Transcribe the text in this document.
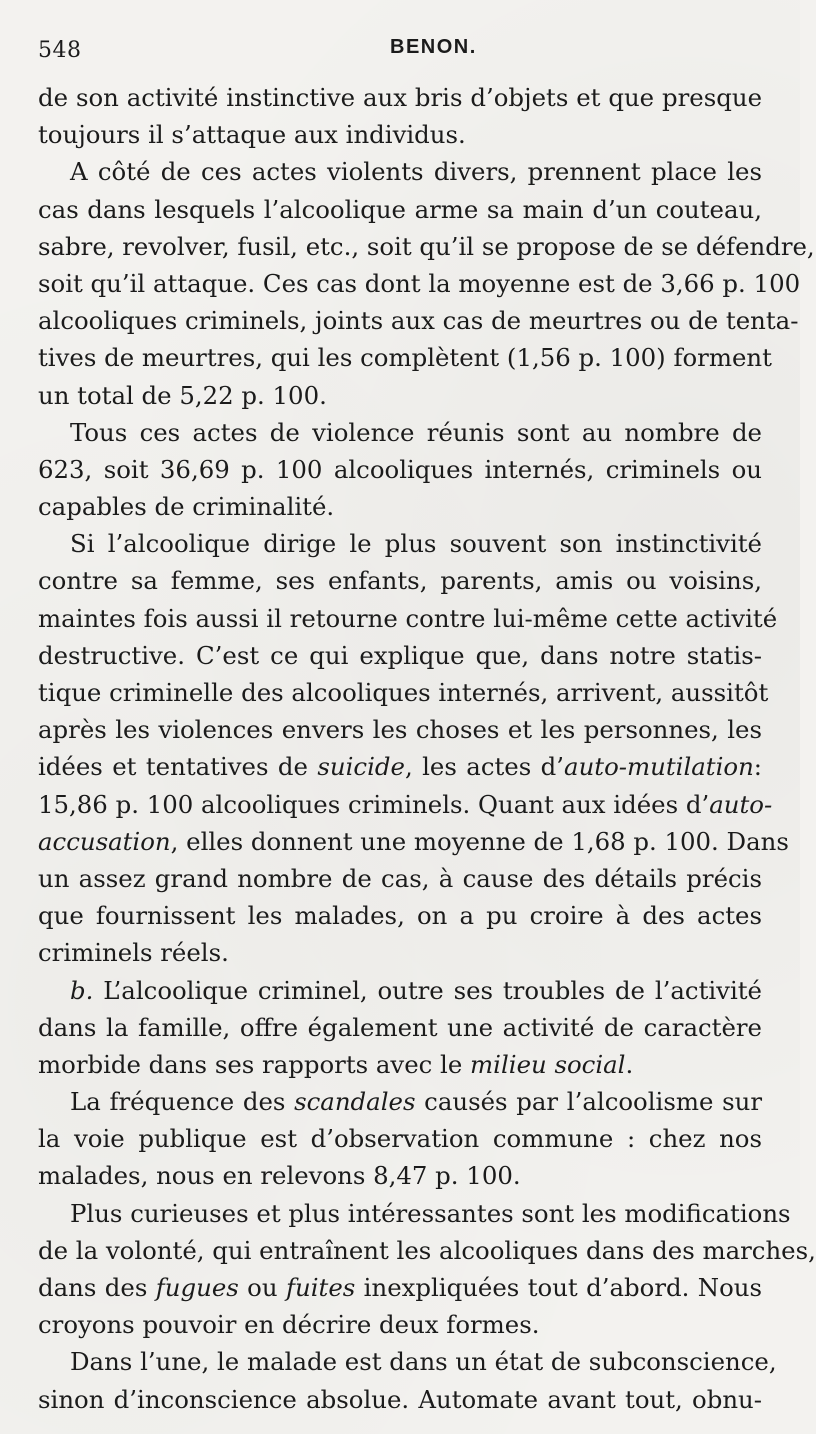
548	BENON.
de son activité instinctive aux bris d’objets et que presque
toujours il s’attaque aux individus.
A côté de ces actes violents divers, prennent place les
cas dans lesquels l’alcoolique arme sa main d’un couteau,
sabre, revolver, fusil, etc., soit qu’il se propose de se défendre,
soit qu’il attaque. Ces cas dont la moyenne est de 3,66 p. 100
alcooliques criminels, joints aux cas de meurtres ou de tenta-
tives de meurtres, qui les complètent (1,56 p. 100) forment
un total de 5,22 p. 100.
Tous ces actes de violence réunis sont au nombre de
623, soit 36,69 p. 100 alcooliques internés, criminels ou
capables de criminalité.
Si l’alcoolique dirige le plus souvent son instinctivité
contre sa femme, ses enfants, parents, amis ou voisins,
maintes fois aussi il retourne contre lui-même cette activité
destructive. C’est ce qui explique que, dans notre statis-
tique criminelle des alcooliques internés, arrivent, aussitôt
après les violences envers les choses et les personnes, les
idées et tentatives de suicide, les actes d’auto-mutilation:
15,86 p. 100 alcooliques criminels. Quant aux idées d’auto-
accusation, elles donnent une moyenne de 1,68 p. 100. Dans
un assez grand nombre de cas, à cause des détails précis
que fournissent les malades, on a pu croire à des actes
criminels réels.
b. L’alcoolique criminel, outre ses troubles de l’activité
dans la famille, offre également une activité de caractère
morbide dans ses rapports avec le milieu social.
La fréquence des scandales causés par l’alcoolisme sur
la voie publique est d’observation commune : chez nos
malades, nous en relevons 8,47 p. 100.
Plus curieuses et plus intéressantes sont les modifications
de la volonté, qui entraînent les alcooliques dans des marches,
dans des fugues ou fuites inexpliquées tout d’abord. Nous
croyons pouvoir en décrire deux formes.
Dans l’une, le malade est dans un état de subconscience,
sinon d’inconscience absolue. Automate avant tout, obnu-
